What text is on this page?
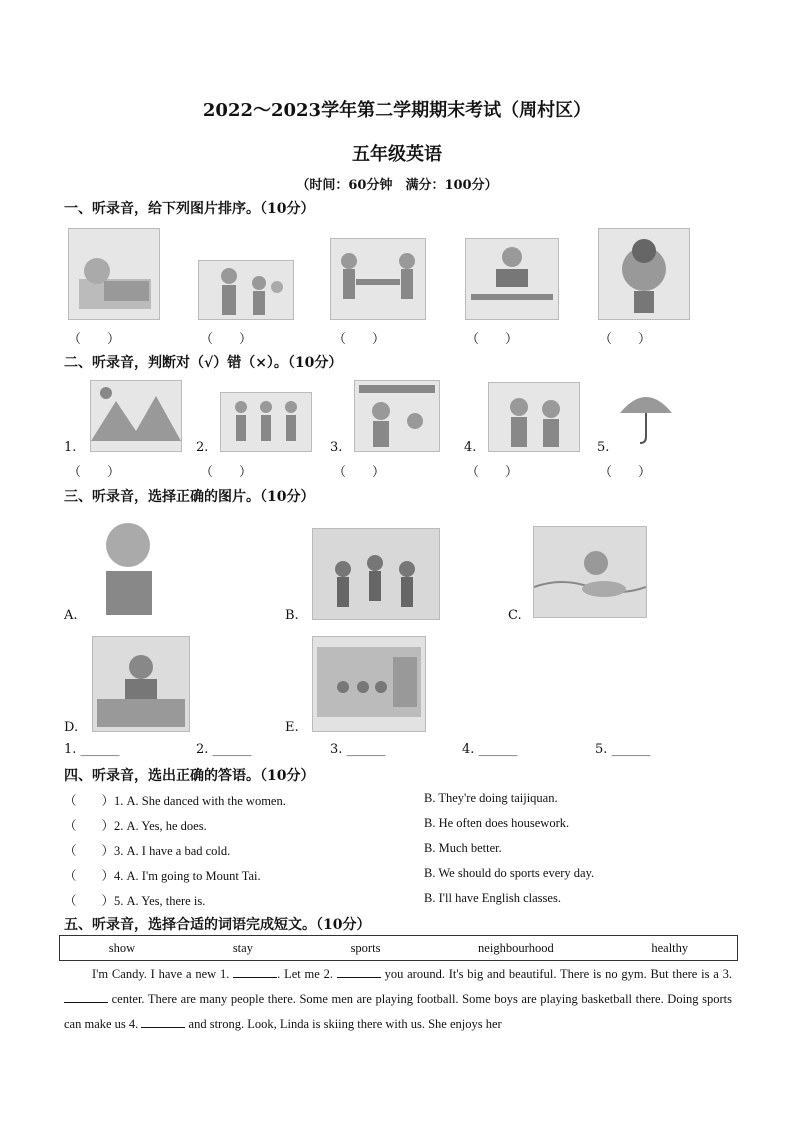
2022～2023学年第二学期期末考试（周村区）
五年级英语
（时间：60分钟　满分：100分）
一、听录音，给下列图片排序。（10分）
（　　）	（　　）	（　　）	（　　）	（　　）
二、听录音，判断对（√）错（×）。（10分）
1.	2.	3.	4.	5.
（　　）	（　　）	（　　）	（　　）	（　　）
三、听录音，选择正确的图片。（10分）
A.	B.	C.
D.	E.
1. ______	2. ______	3. ______	4. ______	5. ______
四、听录音，选出正确的答语。（10分）
（　　）1. A. She danced with the women.	B. They're doing taijiquan.
（　　）2. A. Yes, he does.	B. He often does housework.
（　　）3. A. I have a bad cold.	B. Much better.
（　　）4. A. I'm going to Mount Tai.	B. We should do sports every day.
（　　）5. A. Yes, there is.	B. I'll have English classes.
五、听录音，选择合适的词语完成短文。（10分）
show	stay	sports	neighbourhood	healthy
I'm Candy. I have a new 1.	. Let me 2.	you around. It's big and beautiful. There is no gym. But there is a 3.  center. There are many people there. Some men are playing football. Some boys are playing basketball there. Doing sports can make us 4.	and strong. Look, Linda is skiing there with us. She enjoys her
